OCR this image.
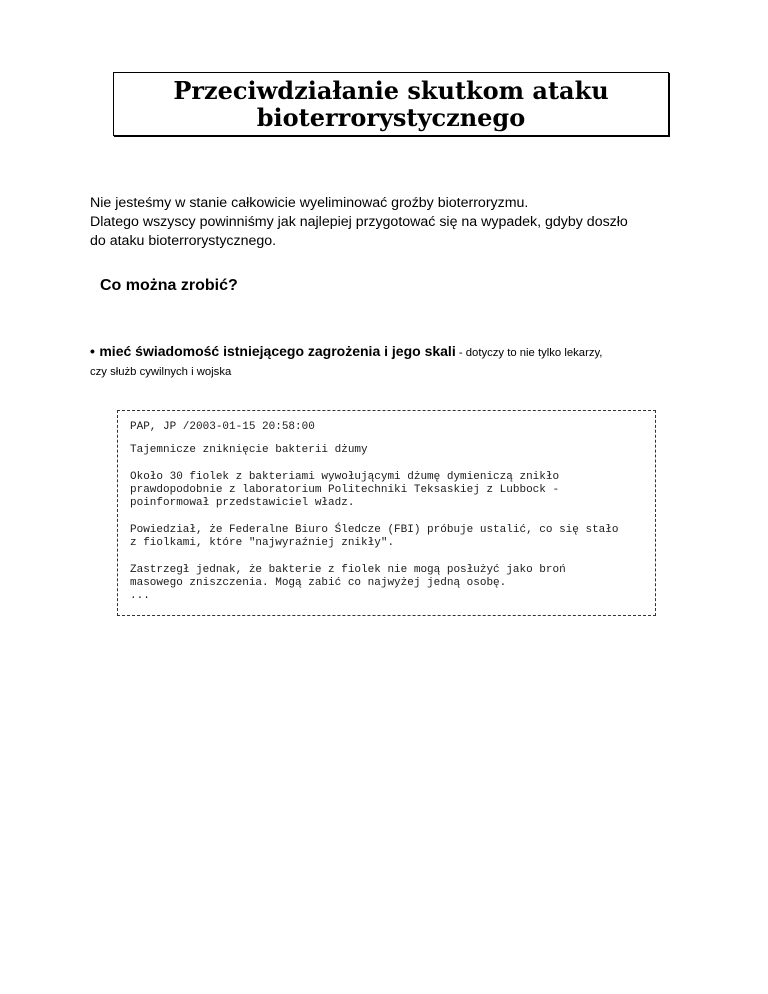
Przeciwdziałanie skutkom ataku
bioterrorystycznego
Nie jesteśmy w stanie całkowicie wyeliminować groźby bioterroryzmu.
Dlatego wszyscy powinniśmy jak najlepiej przygotować się na wypadek, gdyby doszło
do ataku bioterrorystycznego.
Co można zrobić?
• mieć świadomość istniejącego zagrożenia i jego skali - dotyczy to nie tylko lekarzy,
czy służb cywilnych i wojska
PAP, JP /2003-01-15 20:58:00
Tajemnicze zniknięcie bakterii dżumy
Około 30 fiolek z bakteriami wywołującymi dżumę dymieniczą znikło
prawdopodobnie z laboratorium Politechniki Teksaskiej z Lubbock -
poinformował przedstawiciel władz.
Powiedział, że Federalne Biuro Śledcze (FBI) próbuje ustalić, co się stało
z fiolkami, które "najwyraźniej znikły".
Zastrzegł jednak, że bakterie z fiolek nie mogą posłużyć jako broń
masowego zniszczenia. Mogą zabić co najwyżej jedną osobę.
...
